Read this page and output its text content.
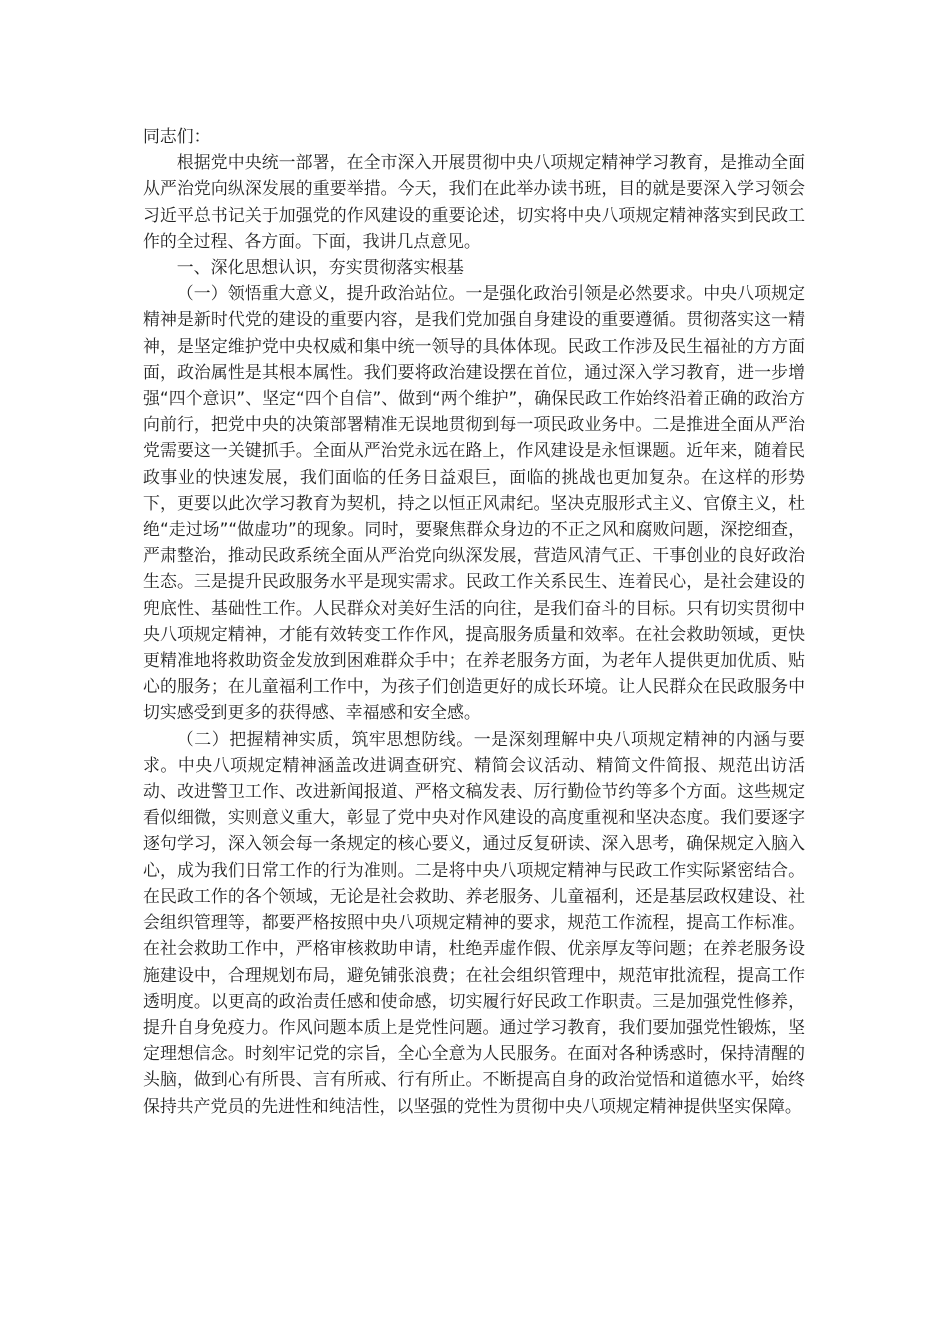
同志们：

根据党中央统一部署，在全市深入开展贯彻中央八项规定精神学习教育，是推动全面从严治党向纵深发展的重要举措。今天，我们在此举办读书班，目的就是要深入学习领会习近平总书记关于加强党的作风建设的重要论述，切实将中央八项规定精神落实到民政工作的全过程、各方面。下面，我讲几点意见。

一、深化思想认识，夯实贯彻落实根基

（一）领悟重大意义，提升政治站位。一是强化政治引领是必然要求。中央八项规定精神是新时代党的建设的重要内容，是我们党加强自身建设的重要遵循。贯彻落实这一精神，是坚定维护党中央权威和集中统一领导的具体体现。民政工作涉及民生福祉的方方面面，政治属性是其根本属性。我们要将政治建设摆在首位，通过深入学习教育，进一步增强“四个意识”、坚定“四个自信”、做到“两个维护”，确保民政工作始终沿着正确的政治方向前行，把党中央的决策部署精准无误地贯彻到每一项民政业务中。二是推进全面从严治党需要这一关键抓手。全面从严治党永远在路上，作风建设是永恒课题。近年来，随着民政事业的快速发展，我们面临的任务日益艰巨，面临的挑战也更加复杂。在这样的形势下，更要以此次学习教育为契机，持之以恒正风肃纪。坚决克服形式主义、官僚主义，杜绝“走过场”“做虚功”的现象。同时，要聚焦群众身边的不正之风和腐败问题，深挖细查，严肃整治，推动民政系统全面从严治党向纵深发展，营造风清气正、干事创业的良好政治生态。三是提升民政服务水平是现实需求。民政工作关系民生、连着民心，是社会建设的兜底性、基础性工作。人民群众对美好生活的向往，是我们奋斗的目标。只有切实贯彻中央八项规定精神，才能有效转变工作作风，提高服务质量和效率。在社会救助领域，更快更精准地将救助资金发放到困难群众手中；在养老服务方面，为老年人提供更加优质、贴心的服务；在儿童福利工作中，为孩子们创造更好的成长环境。让人民群众在民政服务中切实感受到更多的获得感、幸福感和安全感。

（二）把握精神实质，筑牢思想防线。一是深刻理解中央八项规定精神的内涵与要求。中央八项规定精神涵盖改进调查研究、精简会议活动、精简文件简报、规范出访活动、改进警卫工作、改进新闻报道、严格文稿发表、厉行勤俭节约等多个方面。这些规定看似细微，实则意义重大，彰显了党中央对作风建设的高度重视和坚决态度。我们要逐字逐句学习，深入领会每一条规定的核心要义，通过反复研读、深入思考，确保规定入脑入心，成为我们日常工作的行为准则。二是将中央八项规定精神与民政工作实际紧密结合。在民政工作的各个领域，无论是社会救助、养老服务、儿童福利，还是基层政权建设、社会组织管理等，都要严格按照中央八项规定精神的要求，规范工作流程，提高工作标准。在社会救助工作中，严格审核救助申请，杜绝弄虚作假、优亲厚友等问题；在养老服务设施建设中，合理规划布局，避免铺张浪费；在社会组织管理中，规范审批流程，提高工作透明度。以更高的政治责任感和使命感，切实履行好民政工作职责。三是加强党性修养，提升自身免疫力。作风问题本质上是党性问题。通过学习教育，我们要加强党性锻炼，坚定理想信念。时刻牢记党的宗旨，全心全意为人民服务。在面对各种诱惑时，保持清醒的头脑，做到心有所畏、言有所戒、行有所止。不断提高自身的政治觉悟和道德水平，始终保持共产党员的先进性和纯洁性，以坚强的党性为贯彻中央八项规定精神提供坚实保障。
